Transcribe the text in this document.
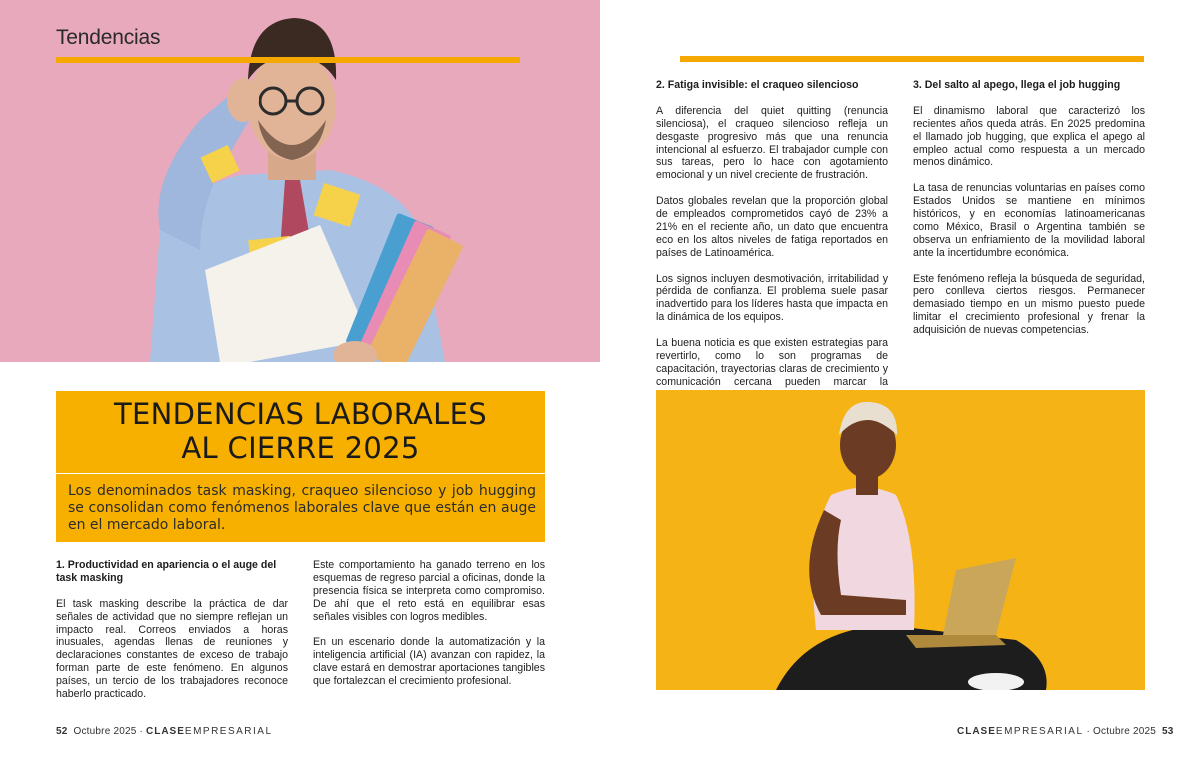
Tendencias
TENDENCIAS LABORALES
AL CIERRE 2025
Los denominados task masking, craqueo silencioso y job hugging se consolidan como fenómenos laborales clave que están en auge en el mercado laboral.
1. Productividad en apariencia o el auge del task masking

El task masking describe la práctica de dar señales de actividad que no siempre reflejan un impacto real. Correos enviados a horas inusuales, agendas llenas de reuniones y declaraciones constantes de exceso de trabajo forman parte de este fenómeno. En algunos países, un tercio de los trabajadores reconoce haberlo practicado.

Este comportamiento ha ganado terreno en los esquemas de regreso parcial a oficinas, donde la presencia física se interpreta como compromiso. De ahí que el reto está en equilibrar esas señales visibles con logros medibles.

En un escenario donde la automatización y la inteligencia artificial (IA) avanzan con rapidez, la clave estará en demostrar aportaciones tangibles que fortalezcan el crecimiento profesional.

2. Fatiga invisible: el craqueo silencioso

A diferencia del quiet quitting (renuncia silenciosa), el craqueo silencioso refleja un desgaste progresivo más que una renuncia intencional al esfuerzo. El trabajador cumple con sus tareas, pero lo hace con agotamiento emocional y un nivel creciente de frustración.

Datos globales revelan que la proporción global de empleados comprometidos cayó de 23% a 21% en el reciente año, un dato que encuentra eco en los altos niveles de fatiga reportados en países de Latinoamérica.

Los signos incluyen desmotivación, irritabilidad y pérdida de confianza. El problema suele pasar inadvertido para los líderes hasta que impacta en la dinámica de los equipos.

La buena noticia es que existen estrategias para revertirlo, como lo son programas de capacitación, trayectorias claras de crecimiento y comunicación cercana pueden marcar la

3. Del salto al apego, llega el job hugging

El dinamismo laboral que caracterizó los recientes años queda atrás. En 2025 predomina el llamado job hugging, que explica el apego al empleo actual como respuesta a un mercado menos dinámico.

La tasa de renuncias voluntarias en países como Estados Unidos se mantiene en mínimos históricos, y en economías latinoamericanas como México, Brasil o Argentina también se observa un enfriamiento de la movilidad laboral ante la incertidumbre económica.

Este fenómeno refleja la búsqueda de seguridad, pero conlleva ciertos riesgos. Permanecer demasiado tiempo en un mismo puesto puede limitar el crecimiento profesional y frenar la adquisición de nuevas competencias.

52 Octubre 2025 · CLASEEMPRESARIAL	CLASEEMPRESARIAL · Octubre 2025 53
